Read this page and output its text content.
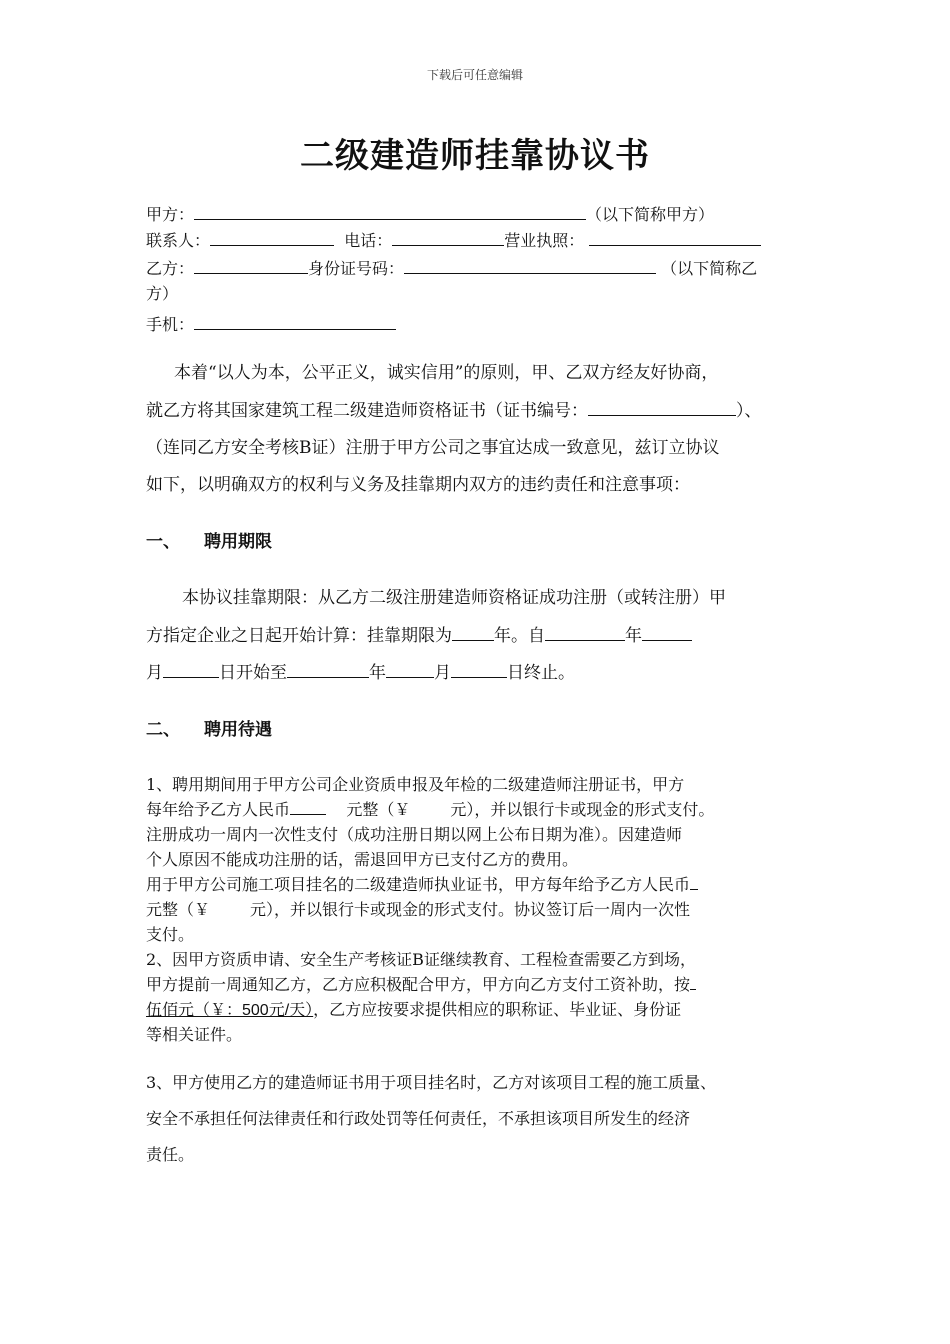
下载后可任意编辑
二级建造师挂靠协议书
甲方：	（以下简称甲方）
联系人：	电话：	营业执照：
乙方：	身份证号码：	（以下简称乙
方）
手机：
本着“以人为本，公平正义，诚实信用”的原则，甲、乙双方经友好协商，
就乙方将其国家建筑工程二级建造师资格证书（证书编号：	）、
（连同乙方安全考核B证）注册于甲方公司之事宜达成一致意见，兹订立协议
如下，以明确双方的权利与义务及挂靠期内双方的违约责任和注意事项：
一、 聘用期限
本协议挂靠期限：从乙方二级注册建造师资格证成功注册（或转注册）甲
方指定企业之日起开始计算：挂靠期限为 年。自	年
月	日开始至	年	月	日终止。
二、 聘用待遇
1、聘用期间用于甲方公司企业资质申报及年检的二级建造师注册证书，甲方
每年给予乙方人民币	元整（￥	元），并以银行卡或现金的形式支付。
注册成功一周内一次性支付（成功注册日期以网上公布日期为准）。因建造师
个人原因不能成功注册的话，需退回甲方已支付乙方的费用。
用于甲方公司施工项目挂名的二级建造师执业证书，甲方每年给予乙方人民币
元整（￥	元），并以银行卡或现金的形式支付。协议签订后一周内一次性
支付。
2、因甲方资质申请、安全生产考核证B证继续教育、工程检查需要乙方到场，
甲方提前一周通知乙方，乙方应积极配合甲方，甲方向乙方支付工资补助，按
伍佰元（￥：500元/天），乙方应按要求提供相应的职称证、毕业证、身份证
等相关证件。
3、甲方使用乙方的建造师证书用于项目挂名时，乙方对该项目工程的施工质量、
安全不承担任何法律责任和行政处罚等任何责任，不承担该项目所发生的经济
责任。
